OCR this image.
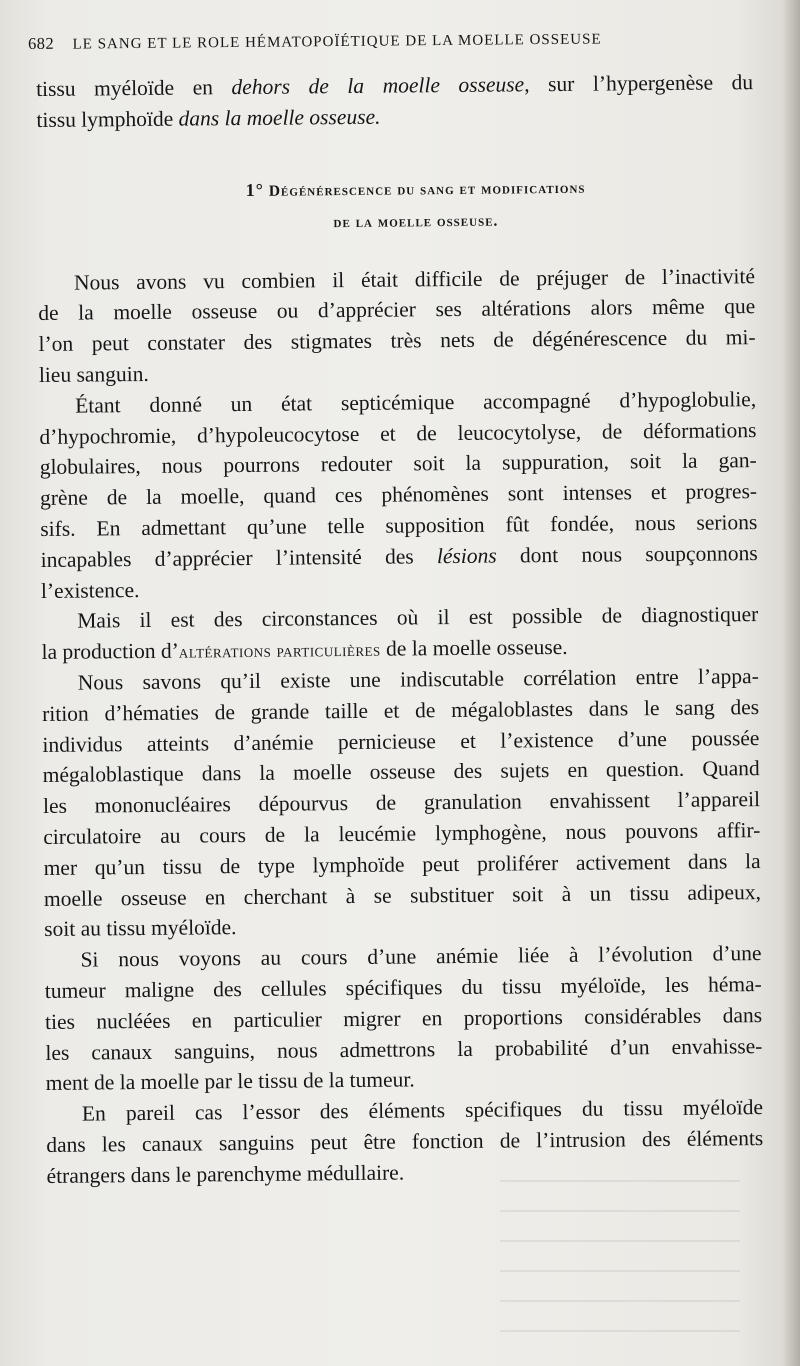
682 LE SANG ET LE ROLE HÉMATOPOÏÉTIQUE DE LA MOELLE OSSEUSE
tissu myéloïde en dehors de la moelle osseuse, sur l’hypergenèse du
tissu lymphoïde dans la moelle osseuse.
1° Dégénérescence du sang et modifications
de la moelle osseuse.
Nous avons vu combien il était difficile de préjuger de l’inactivité
de la moelle osseuse ou d’apprécier ses altérations alors même que
l’on peut constater des stigmates très nets de dégénérescence du mi-
lieu sanguin.
Étant donné un état septicémique accompagné d’hypoglobulie,
d’hypochromie, d’hypoleucocytose et de leucocytolyse, de déformations
globulaires, nous pourrons redouter soit la suppuration, soit la gan-
grène de la moelle, quand ces phénomènes sont intenses et progres-
sifs. En admettant qu’une telle supposition fût fondée, nous serions
incapables d’apprécier l’intensité des lésions dont nous soupçonnons
l’existence.
Mais il est des circonstances où il est possible de diagnostiquer
la production d’altérations particulières de la moelle osseuse.
Nous savons qu’il existe une indiscutable corrélation entre l’appa-
rition d’hématies de grande taille et de mégaloblastes dans le sang des
individus atteints d’anémie pernicieuse et l’existence d’une poussée
mégaloblastique dans la moelle osseuse des sujets en question. Quand
les mononucléaires dépourvus de granulation envahissent l’appareil
circulatoire au cours de la leucémie lymphogène, nous pouvons affir-
mer qu’un tissu de type lymphoïde peut proliférer activement dans la
moelle osseuse en cherchant à se substituer soit à un tissu adipeux,
soit au tissu myéloïde.
Si nous voyons au cours d’une anémie liée à l’évolution d’une
tumeur maligne des cellules spécifiques du tissu myéloïde, les héma-
ties nucléées en particulier migrer en proportions considérables dans
les canaux sanguins, nous admettrons la probabilité d’un envahisse-
ment de la moelle par le tissu de la tumeur.
En pareil cas l’essor des éléments spécifiques du tissu myéloïde
dans les canaux sanguins peut être fonction de l’intrusion des éléments
étrangers dans le parenchyme médullaire.
